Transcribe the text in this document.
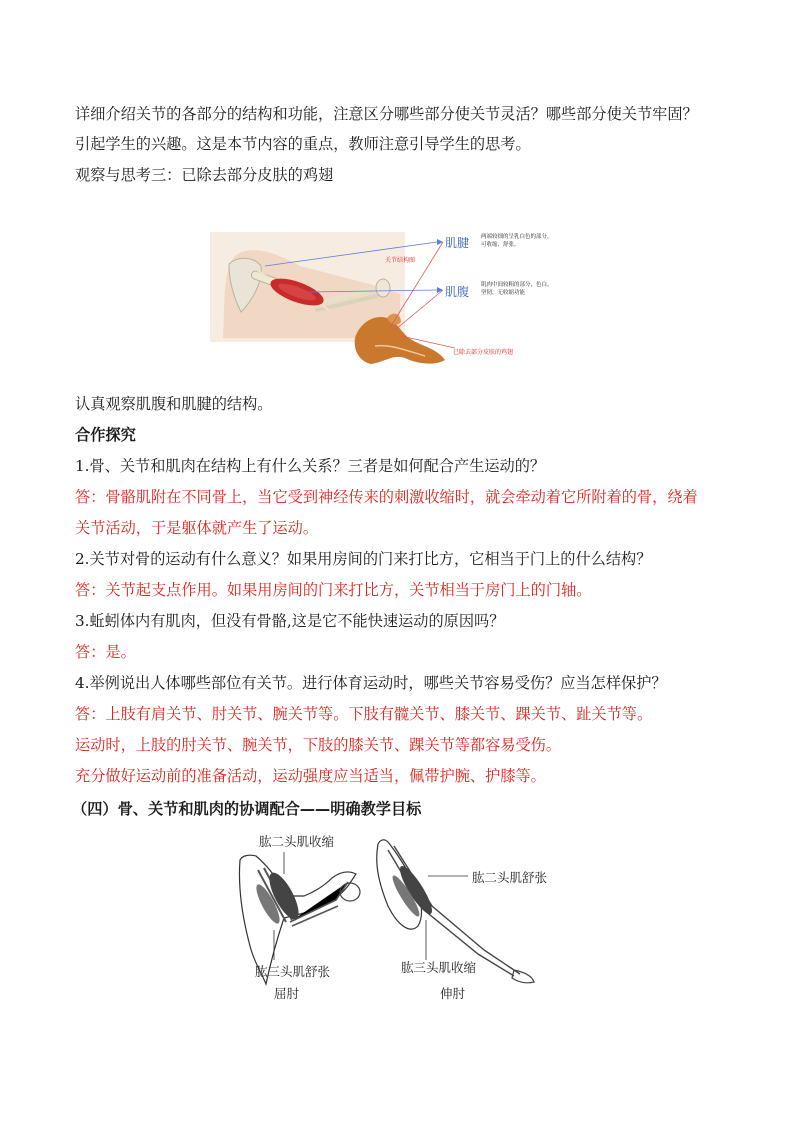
详细介绍关节的各部分的结构和功能，注意区分哪些部分使关节灵活？哪些部分使关节牢固？
引起学生的兴趣。这是本节内容的重点，教师注意引导学生的思考。
观察与思考三：已除去部分皮肤的鸡翅
关节结构图
肌腱 两端较细的呈乳白色的部分，
可收缩、舒张。
肌腹 肌肉中间较粗的部分，色白、
坚韧，无收缩功能
已除去部分皮肤的鸡翅
认真观察肌腹和肌腱的结构。
合作探究
1.骨、关节和肌肉在结构上有什么关系？三者是如何配合产生运动的？
答：骨骼肌附在不同骨上，当它受到神经传来的刺激收缩时，就会牵动着它所附着的骨，绕着
关节活动，于是躯体就产生了运动。
2.关节对骨的运动有什么意义？如果用房间的门来打比方，它相当于门上的什么结构？
答：关节起支点作用。如果用房间的门来打比方，关节相当于房门上的门轴。
3.蚯蚓体内有肌肉，但没有骨骼,这是它不能快速运动的原因吗？
答：是。
4.举例说出人体哪些部位有关节。进行体育运动时，哪些关节容易受伤？应当怎样保护？
答：上肢有肩关节、肘关节、腕关节等。下肢有髋关节、膝关节、踝关节、趾关节等。
运动时，上肢的肘关节、腕关节，下肢的膝关节、踝关节等都容易受伤。
充分做好运动前的准备活动，运动强度应当适当，佩带护腕、护膝等。
（四）骨、关节和肌肉的协调配合——明确教学目标
肱二头肌收缩
肱三头肌舒张
屈肘
肱二头肌舒张
肱三头肌收缩
伸肘
